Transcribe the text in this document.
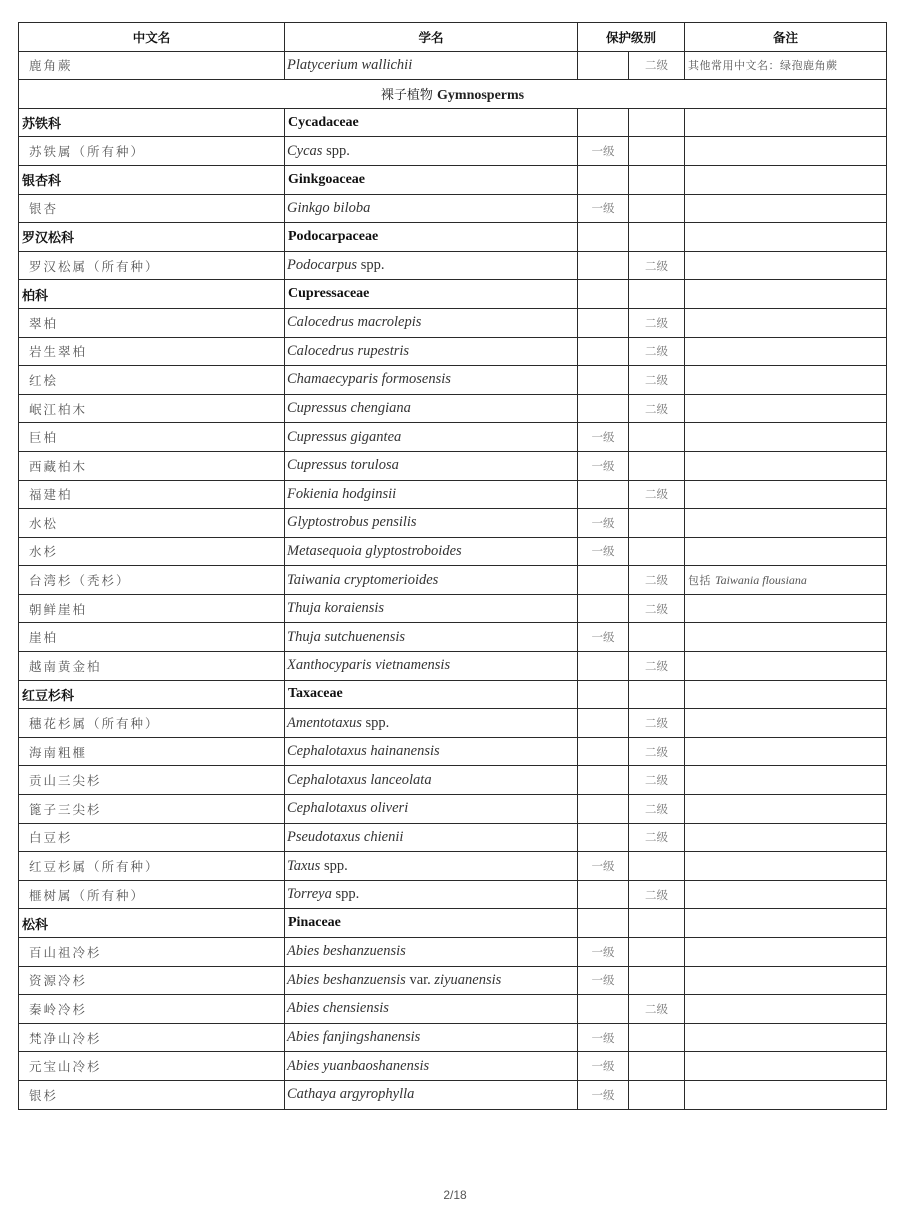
中文名	学名	保护级别		备注
鹿角蕨	Platycerium wallichii		二级	其他常用中文名：绿孢鹿角蕨
裸子植物 Gymnosperms				
苏铁科	Cycadaceae			
苏铁属（所有种）	Cycas spp.	一级		
银杏科	Ginkgoaceae			
银杏	Ginkgo biloba	一级		
罗汉松科	Podocarpaceae			
罗汉松属（所有种）	Podocarpus spp.		二级	
柏科	Cupressaceae			
翠柏	Calocedrus macrolepis		二级	
岩生翠柏	Calocedrus rupestris		二级	
红桧	Chamaecyparis formosensis		二级	
岷江柏木	Cupressus chengiana		二级	
巨柏	Cupressus gigantea	一级		
西藏柏木	Cupressus torulosa	一级		
福建柏	Fokienia hodginsii		二级	
水松	Glyptostrobus pensilis	一级		
水杉	Metasequoia glyptostroboides	一级		
台湾杉（秃杉）	Taiwania cryptomerioides		二级	包括 Taiwania flousiana
朝鲜崖柏	Thuja koraiensis		二级	
崖柏	Thuja sutchuenensis	一级		
越南黄金柏	Xanthocyparis vietnamensis		二级	
红豆杉科	Taxaceae			
穗花杉属（所有种）	Amentotaxus spp.		二级	
海南粗榧	Cephalotaxus hainanensis		二级	
贡山三尖杉	Cephalotaxus lanceolata		二级	
篦子三尖杉	Cephalotaxus oliveri		二级	
白豆杉	Pseudotaxus chienii		二级	
红豆杉属（所有种）	Taxus spp.	一级		
榧树属（所有种）	Torreya spp.		二级	
松科	Pinaceae			
百山祖冷杉	Abies beshanzuensis	一级		
资源冷杉	Abies beshanzuensis var. ziyuanensis	一级		
秦岭冷杉	Abies chensiensis		二级	
梵净山冷杉	Abies fanjingshanensis	一级		
元宝山冷杉	Abies yuanbaoshanensis	一级		
银杉	Cathaya argyrophylla	一级		
2/18
